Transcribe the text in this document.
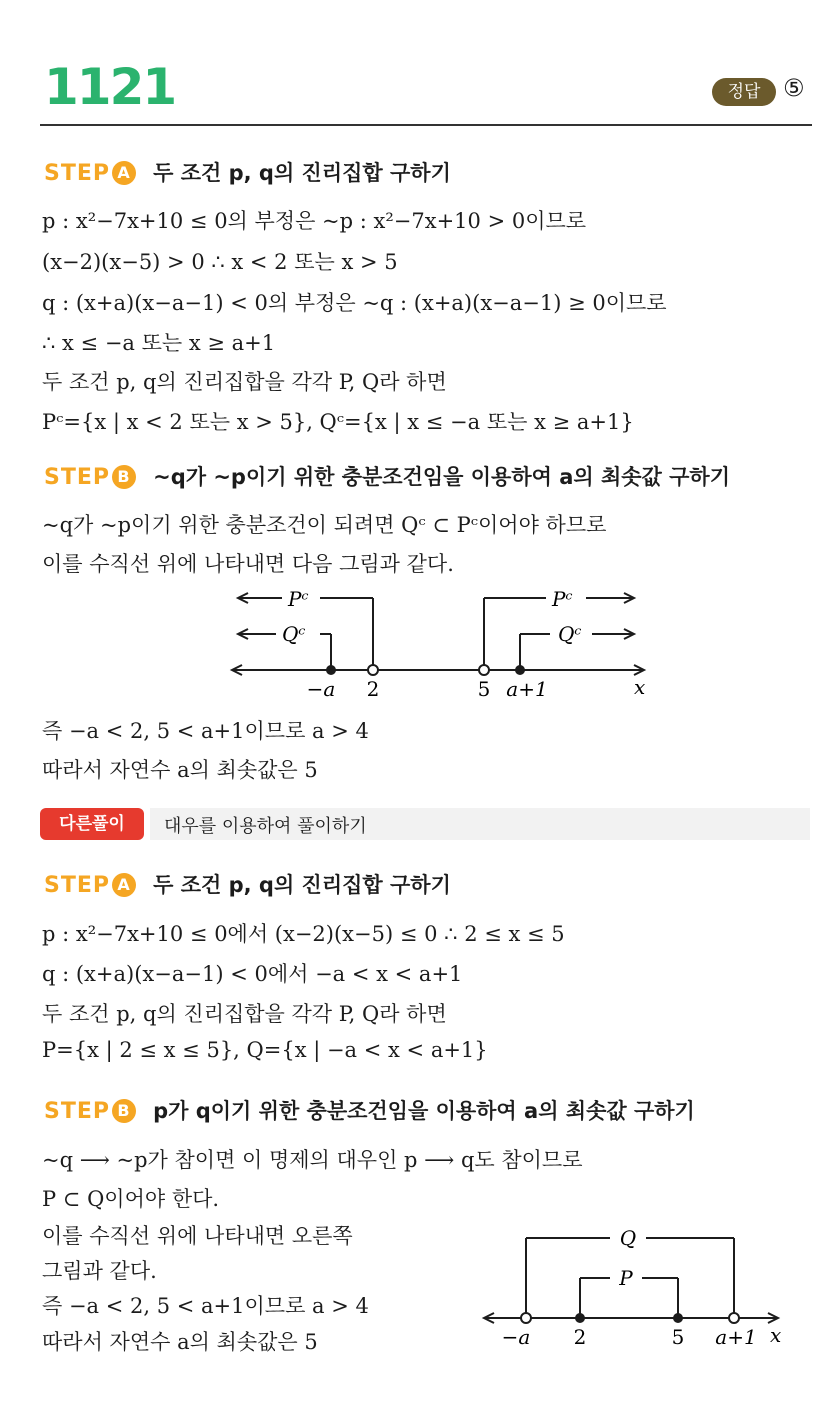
1121	정답 ⑤
STEP A 두 조건 p, q의 진리집합 구하기
p : x²−7x+10 ≤ 0의 부정은 ~p : x²−7x+10 > 0이므로
(x−2)(x−5) > 0 ∴ x < 2 또는 x > 5
q : (x+a)(x−a−1) < 0의 부정은 ~q : (x+a)(x−a−1) ≥ 0이므로
∴ x ≤ −a 또는 x ≥ a+1
두 조건 p, q의 진리집합을 각각 P, Q라 하면
Pᶜ={x | x < 2 또는 x > 5}, Qᶜ={x | x ≤ −a 또는 x ≥ a+1}
STEP B ~q가 ~p이기 위한 충분조건임을 이용하여 a의 최솟값 구하기
~q가 ~p이기 위한 충분조건이 되려면 Qᶜ ⊂ Pᶜ이어야 하므로
이를 수직선 위에 나타내면 다음 그림과 같다.
Pᶜ
Qᶜ
Pᶜ
Qᶜ
−a 2	5 a+1	x
즉 −a < 2, 5 < a+1이므로 a > 4
따라서 자연수 a의 최솟값은 5
다른풀이	대우를 이용하여 풀이하기
STEP A 두 조건 p, q의 진리집합 구하기
p : x²−7x+10 ≤ 0에서 (x−2)(x−5) ≤ 0 ∴ 2 ≤ x ≤ 5
q : (x+a)(x−a−1) < 0에서 −a < x < a+1
두 조건 p, q의 진리집합을 각각 P, Q라 하면
P={x | 2 ≤ x ≤ 5}, Q={x | −a < x < a+1}
STEP B p가 q이기 위한 충분조건임을 이용하여 a의 최솟값 구하기
~q ⟶ ~p가 참이면 이 명제의 대우인 p ⟶ q도 참이므로
P ⊂ Q이어야 한다.
이를 수직선 위에 나타내면 오른쪽
그림과 같다.
즉 −a < 2, 5 < a+1이므로 a > 4
따라서 자연수 a의 최솟값은 5
Q
P
−a 2	5 a+1 x
